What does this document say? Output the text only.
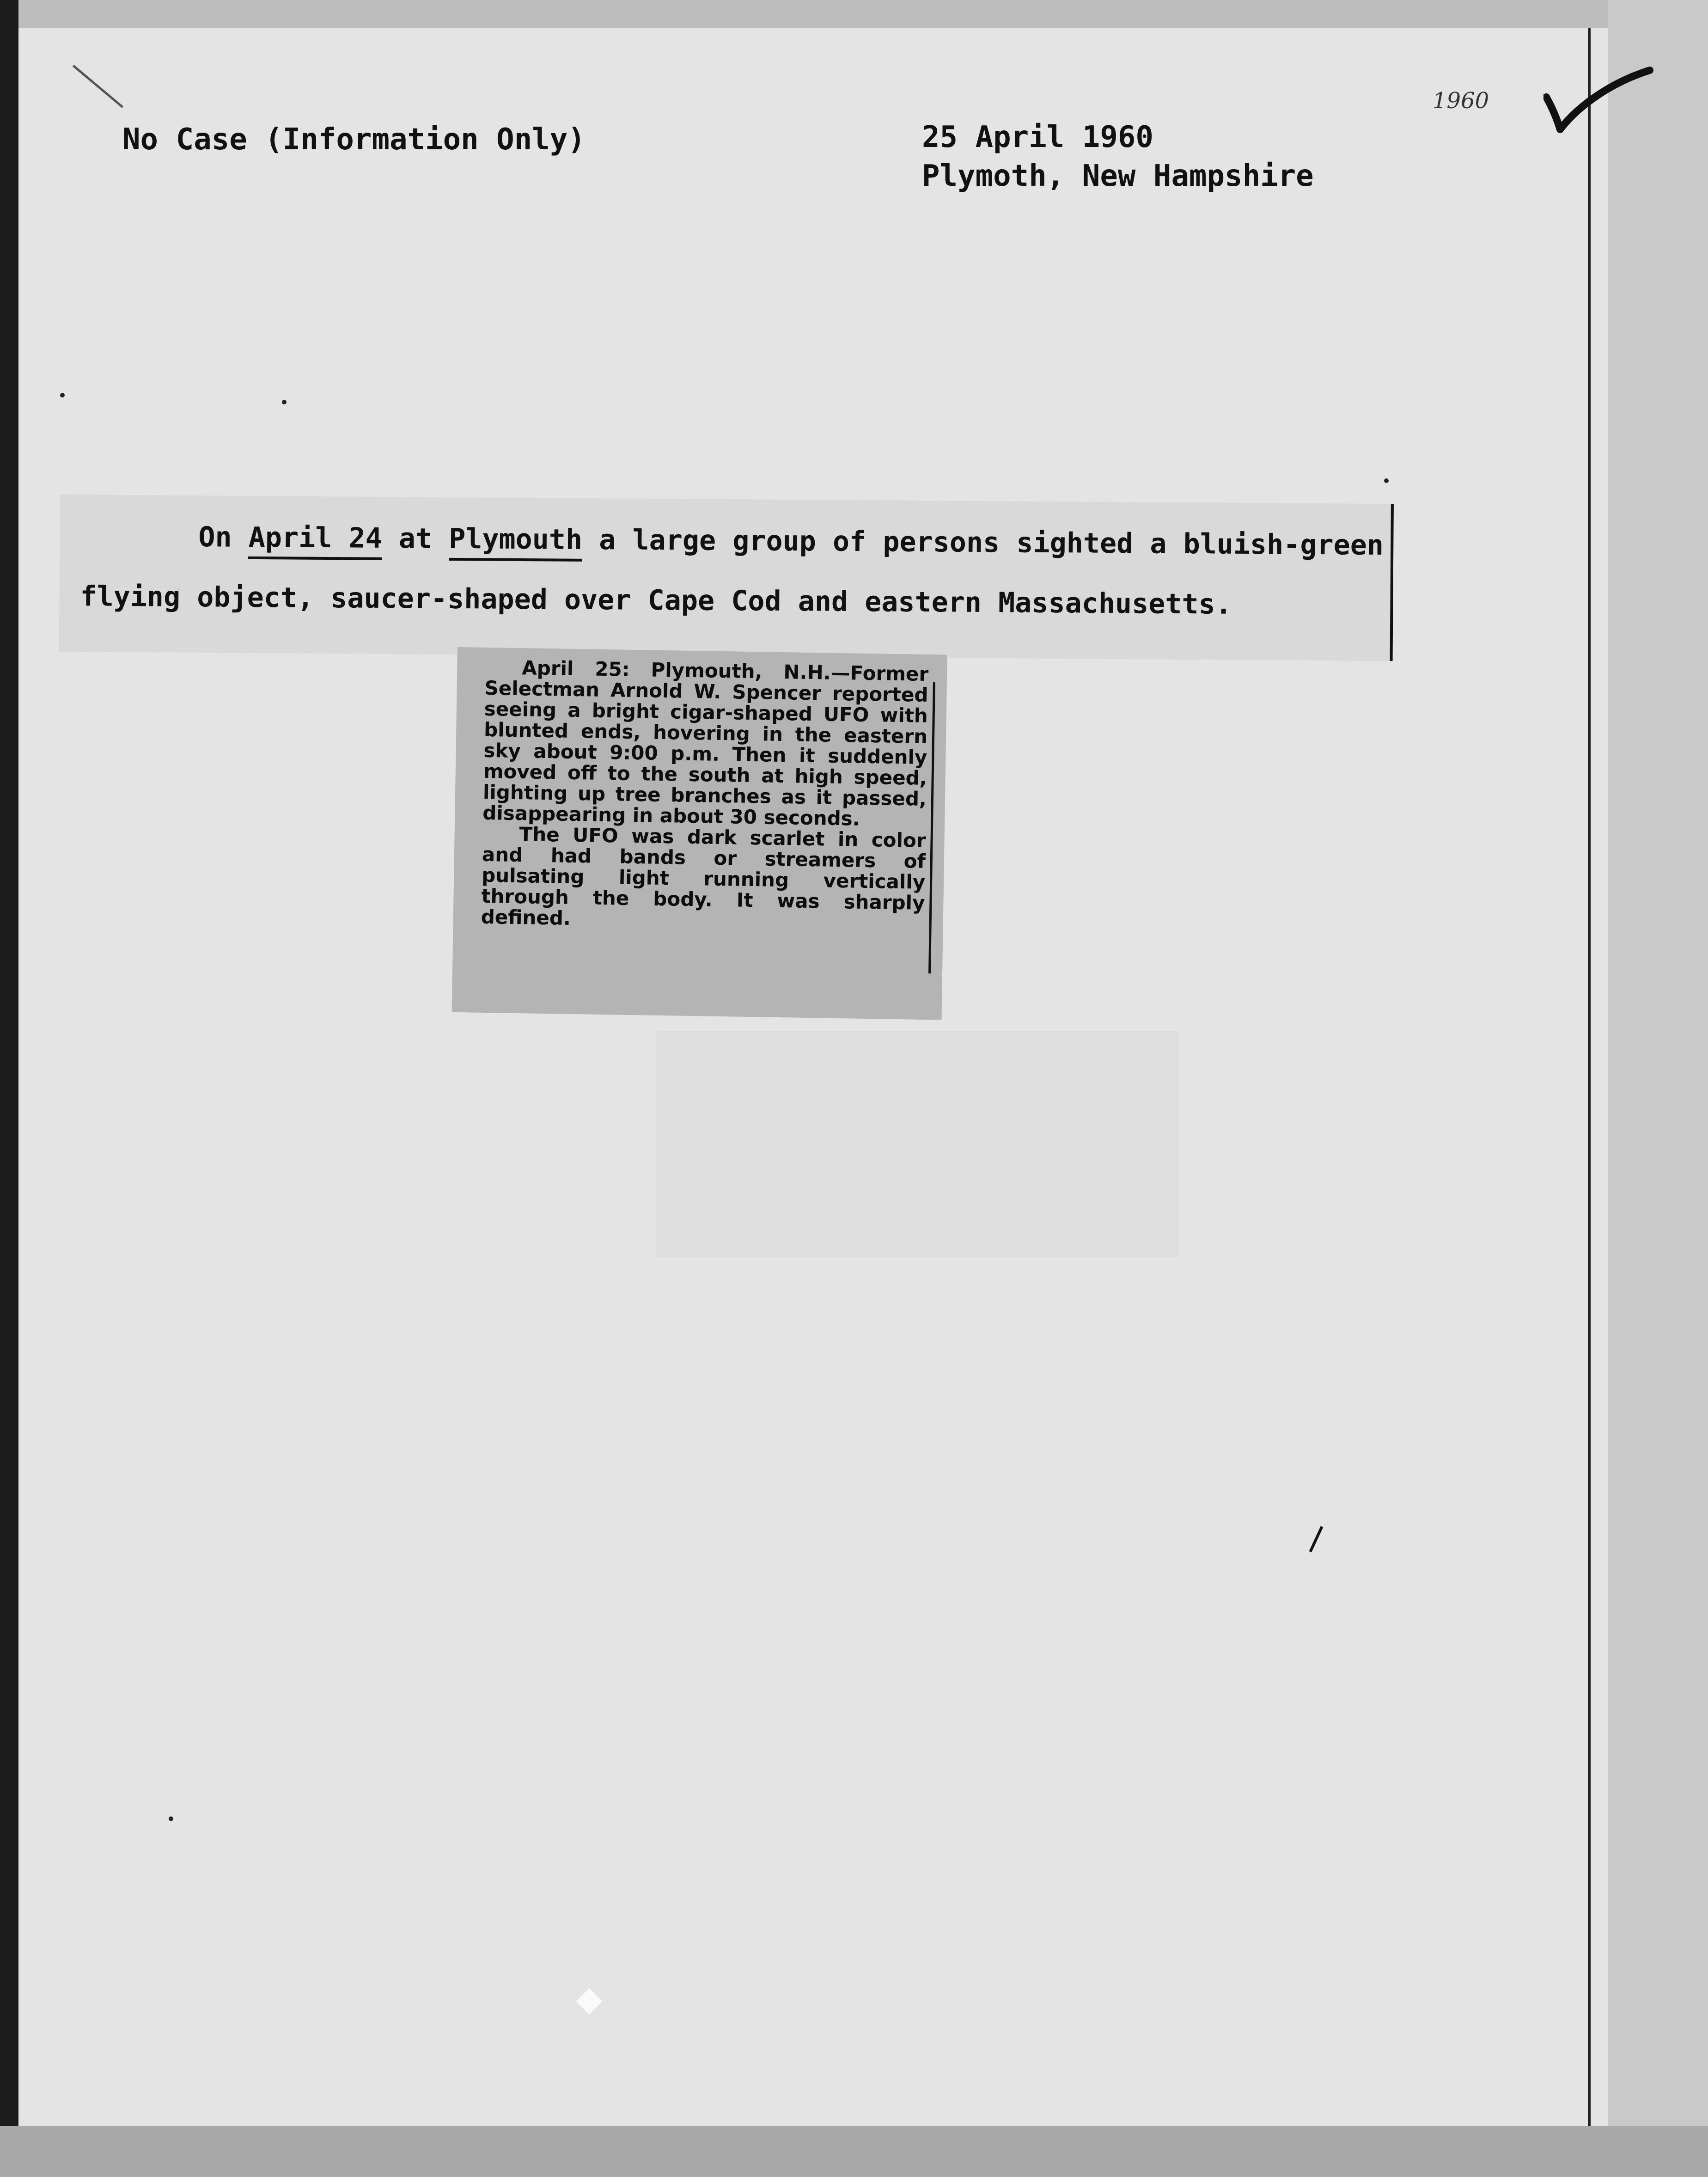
No Case (Information Only)	25 April 1960
Plymoth, New Hampshire
1960
On April 24 at Plymouth a large group of persons sighted a bluish-green
flying object, saucer-shaped over Cape Cod and eastern Massachusetts.

April 25: Plymouth, N.H.—Former Selectman Arnold W. Spencer reported seeing a bright cigar-shaped UFO with blunted ends, hovering in the eastern sky about 9:00 p.m. Then it suddenly moved off to the south at high speed, lighting up tree branches as it passed, disappearing in about 30 seconds.

The UFO was dark scarlet in color and had bands or streamers of pulsating light running vertically through the body. It was sharply defined.
